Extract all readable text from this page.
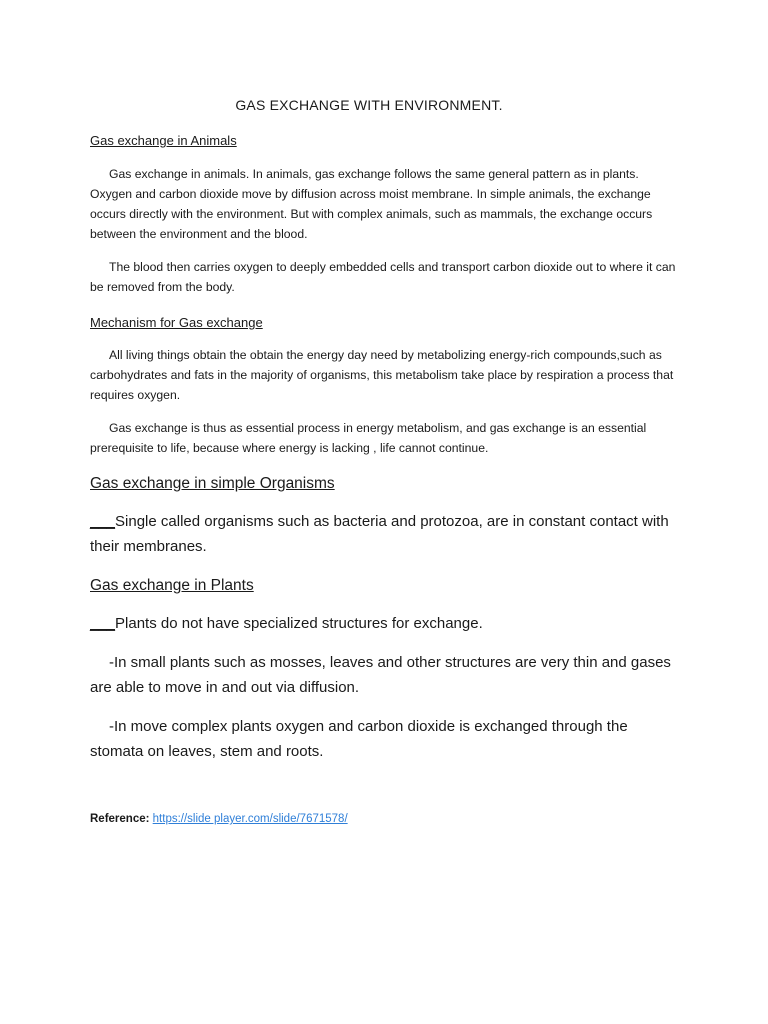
GAS EXCHANGE WITH ENVIRONMENT.
Gas exchange in Animals

Gas exchange in animals. In animals, gas exchange follows the same general pattern as in plants. Oxygen and carbon dioxide move by diffusion across moist membrane. In simple animals, the exchange occurs directly with the environment. But with complex animals, such as mammals, the exchange occurs between the environment and the blood.

The blood then carries oxygen to deeply embedded cells and transport carbon dioxide out to where it can be removed from the body.

Mechanism for Gas exchange

All living things obtain the obtain the energy day need by metabolizing energy-rich compounds,such as carbohydrates and fats in the majority of organisms, this metabolism take place by respiration a process that requires oxygen.

Gas exchange is thus as essential process in energy metabolism, and gas exchange is an essential prerequisite to life, because where energy is lacking , life cannot continue.

Gas exchange in simple Organisms

___Single called organisms such as bacteria and protozoa, are in constant contact with their membranes.

Gas exchange in Plants

___Plants do not have specialized structures for exchange.

-In small plants such as mosses, leaves and other structures are very thin and gases are able to move in and out via diffusion.

-In move complex plants oxygen and carbon dioxide is exchanged through the stomata on leaves, stem and roots.

Reference: https://slide player.com/slide/7671578/
